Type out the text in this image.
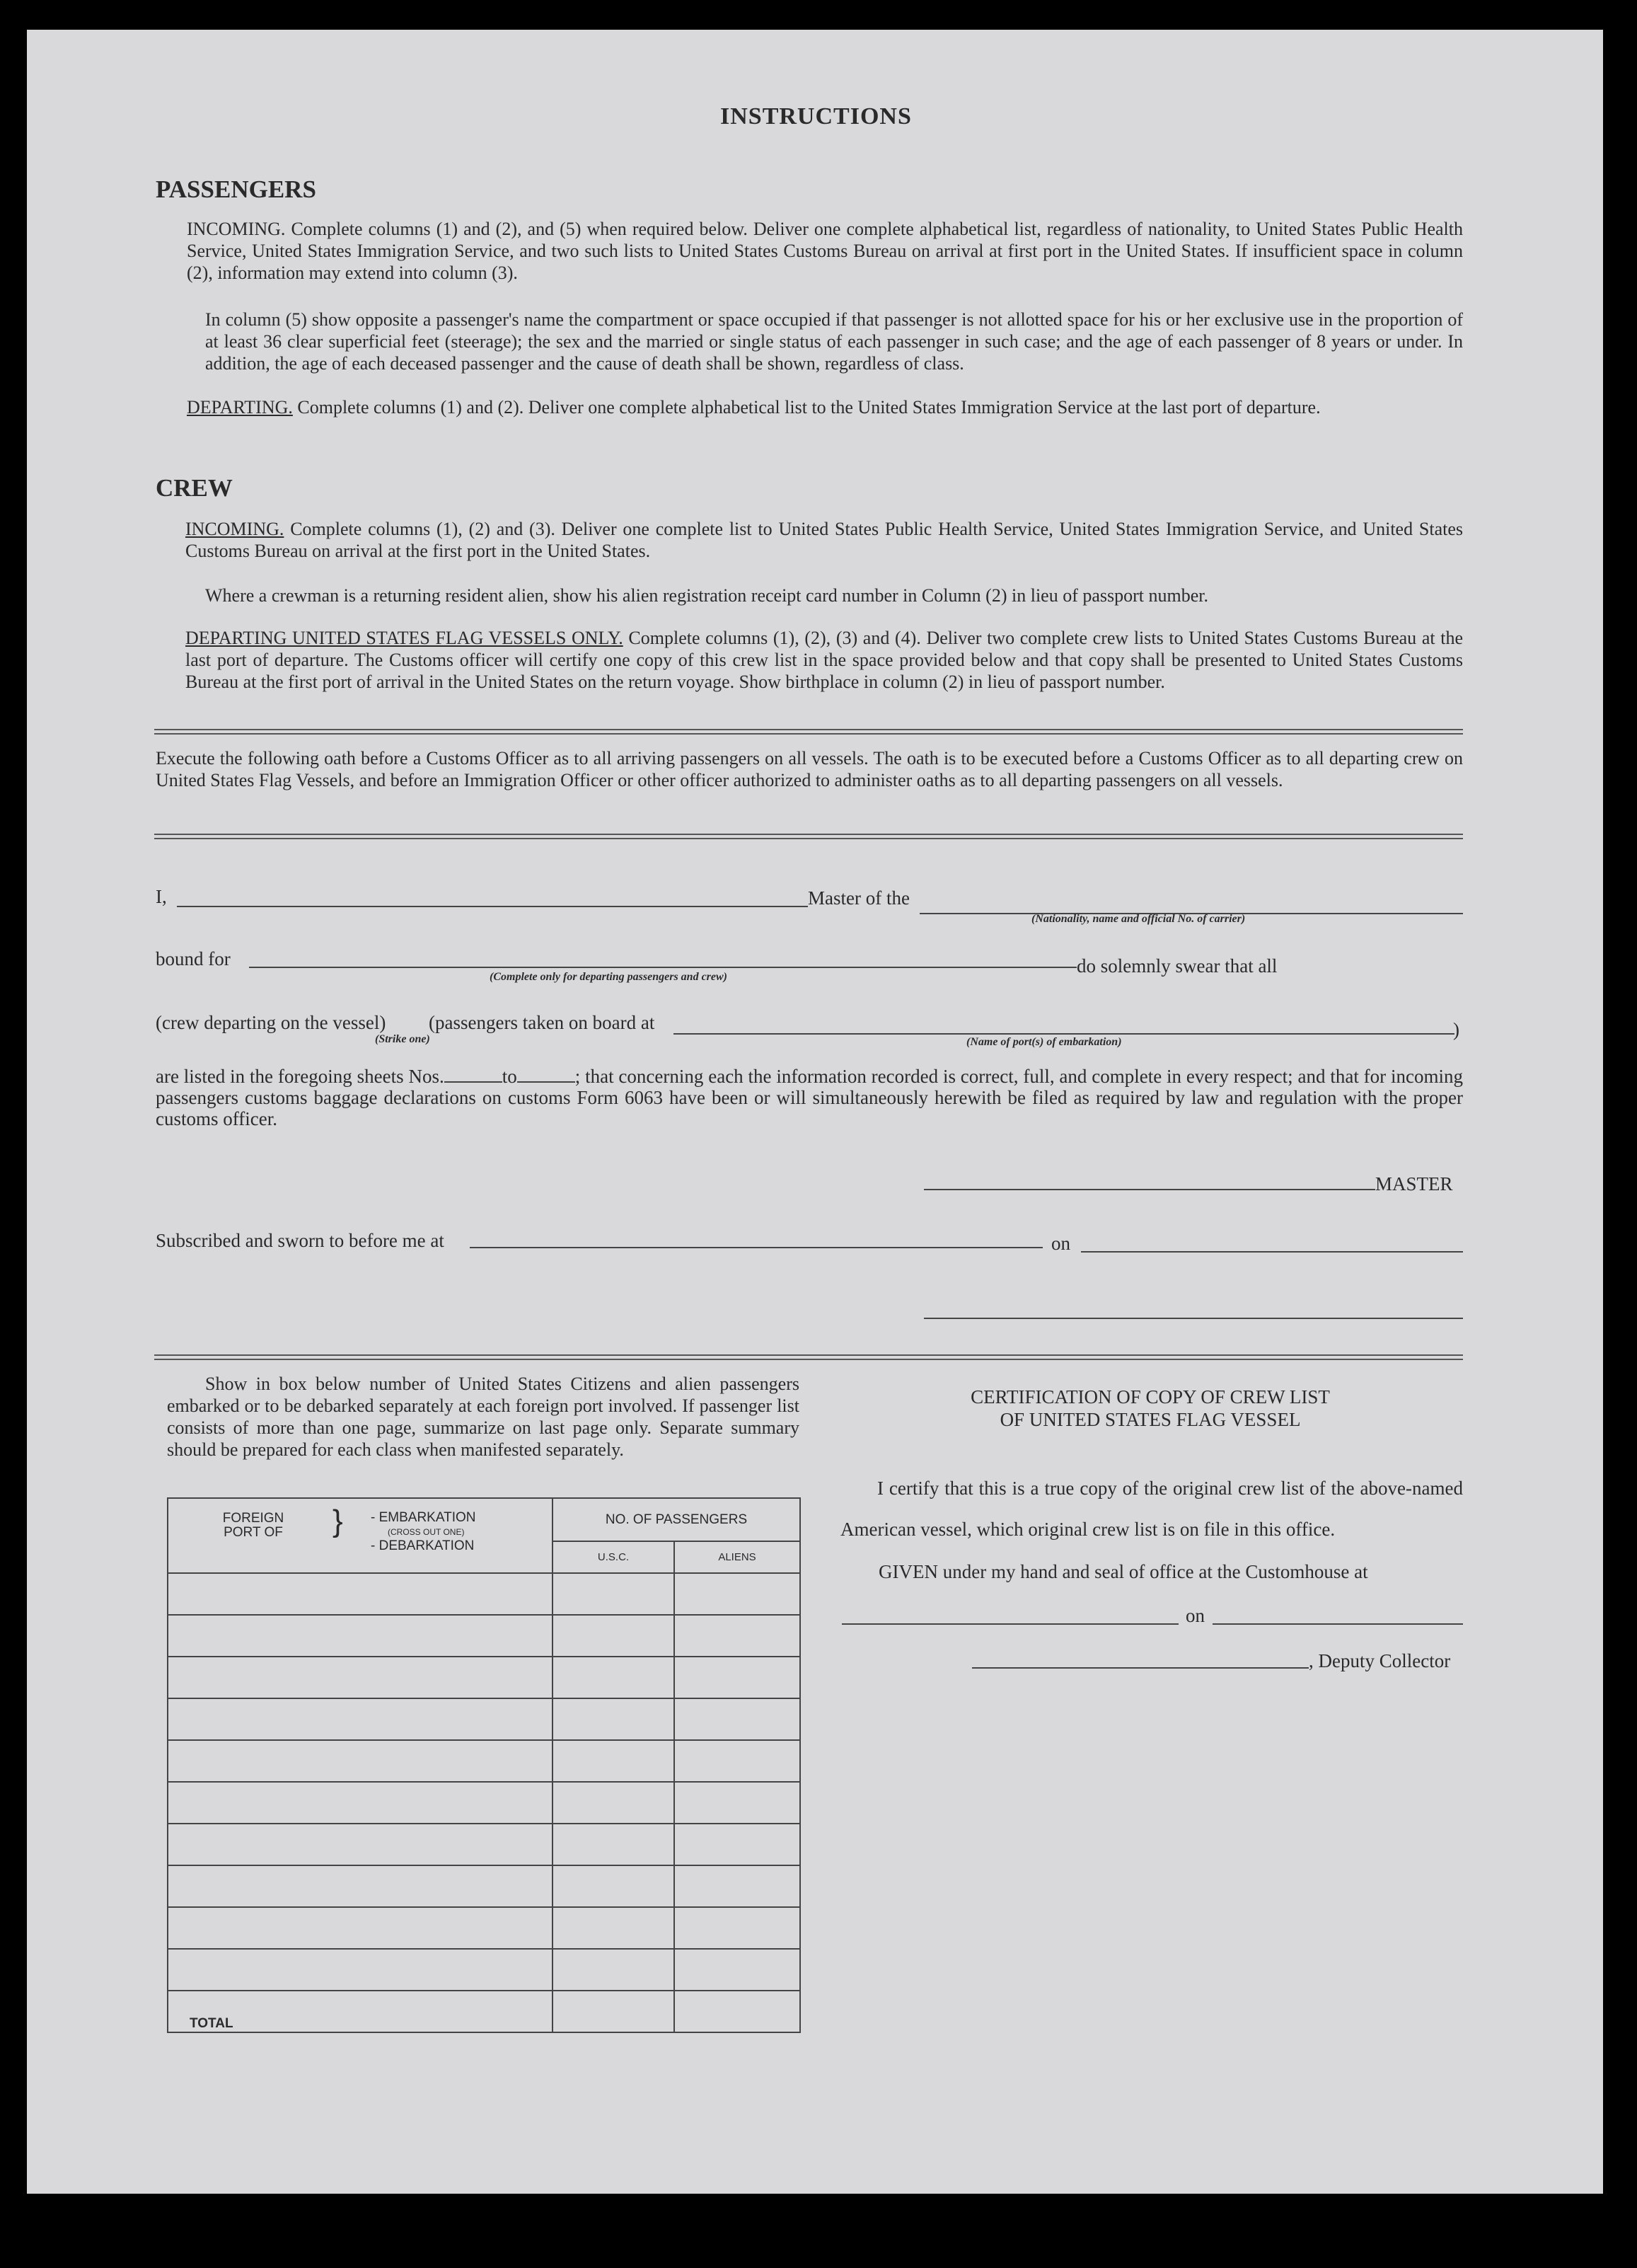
INSTRUCTIONS
PASSENGERS
INCOMING. Complete columns (1) and (2), and (5) when required below. Deliver one complete alphabetical list, regardless of nationality, to United States Public Health Service, United States Immigration Service, and two such lists to United States Customs Bureau on arrival at first port in the United States. If insufficient space in column (2), information may extend into column (3).
In column (5) show opposite a passenger's name the compartment or space occupied if that passenger is not allotted space for his or her exclusive use in the proportion of at least 36 clear superficial feet (steerage); the sex and the married or single status of each passenger in such case; and the age of each passenger of 8 years or under. In addition, the age of each deceased passenger and the cause of death shall be shown, regardless of class.
DEPARTING. Complete columns (1) and (2). Deliver one complete alphabetical list to the United States Immigration Service at the last port of departure.
CREW
INCOMING. Complete columns (1), (2) and (3). Deliver one complete list to United States Public Health Service, United States Immigration Service, and United States Customs Bureau on arrival at the first port in the United States.
Where a crewman is a returning resident alien, show his alien registration receipt card number in Column (2) in lieu of passport number.
DEPARTING UNITED STATES FLAG VESSELS ONLY. Complete columns (1), (2), (3) and (4). Deliver two complete crew lists to United States Customs Bureau at the last port of departure. The Customs officer will certify one copy of this crew list in the space provided below and that copy shall be presented to United States Customs Bureau at the first port of arrival in the United States on the return voyage. Show birthplace in column (2) in lieu of passport number.
Execute the following oath before a Customs Officer as to all arriving passengers on all vessels. The oath is to be executed before a Customs Officer as to all departing crew on United States Flag Vessels, and before an Immigration Officer or other officer authorized to administer oaths as to all departing passengers on all vessels.
I,	Master of the
(Nationality, name and official No. of carrier)
bound for
(Complete only for departing passengers and crew)
do solemnly swear that all
(crew departing on the vessel) (passengers taken on board at	)
(Strike one)	(Name of port(s) of embarkation)
are listed in the foregoing sheets Nos.	to	; that concerning each the information recorded is correct, full, and complete in every respect; and that for incoming passengers customs baggage declarations on customs Form 6063 have been or will simultaneously herewith be filed as required by law and regulation with the proper customs officer.
MASTER
Subscribed and sworn to before me at	on
Show in box below number of United States Citizens and alien passengers embarked or to be debarked separately at each foreign port involved. If passenger list consists of more than one page, summarize on last page only. Separate summary should be prepared for each class when manifested separately.
FOREIGN PORT OF } - EMBARKATION
(CROSS OUT ONE)
- DEBARKATION	NO. OF PASSENGERS	
	U.S.C.	ALIENS

TOTAL		
CERTIFICATION OF COPY OF CREW LIST
OF UNITED STATES FLAG VESSEL
I certify that this is a true copy of the original crew list of the above-named American vessel, which original crew list is on file in this office.
GIVEN under my hand and seal of office at the Customhouse at
on
, Deputy Collector
